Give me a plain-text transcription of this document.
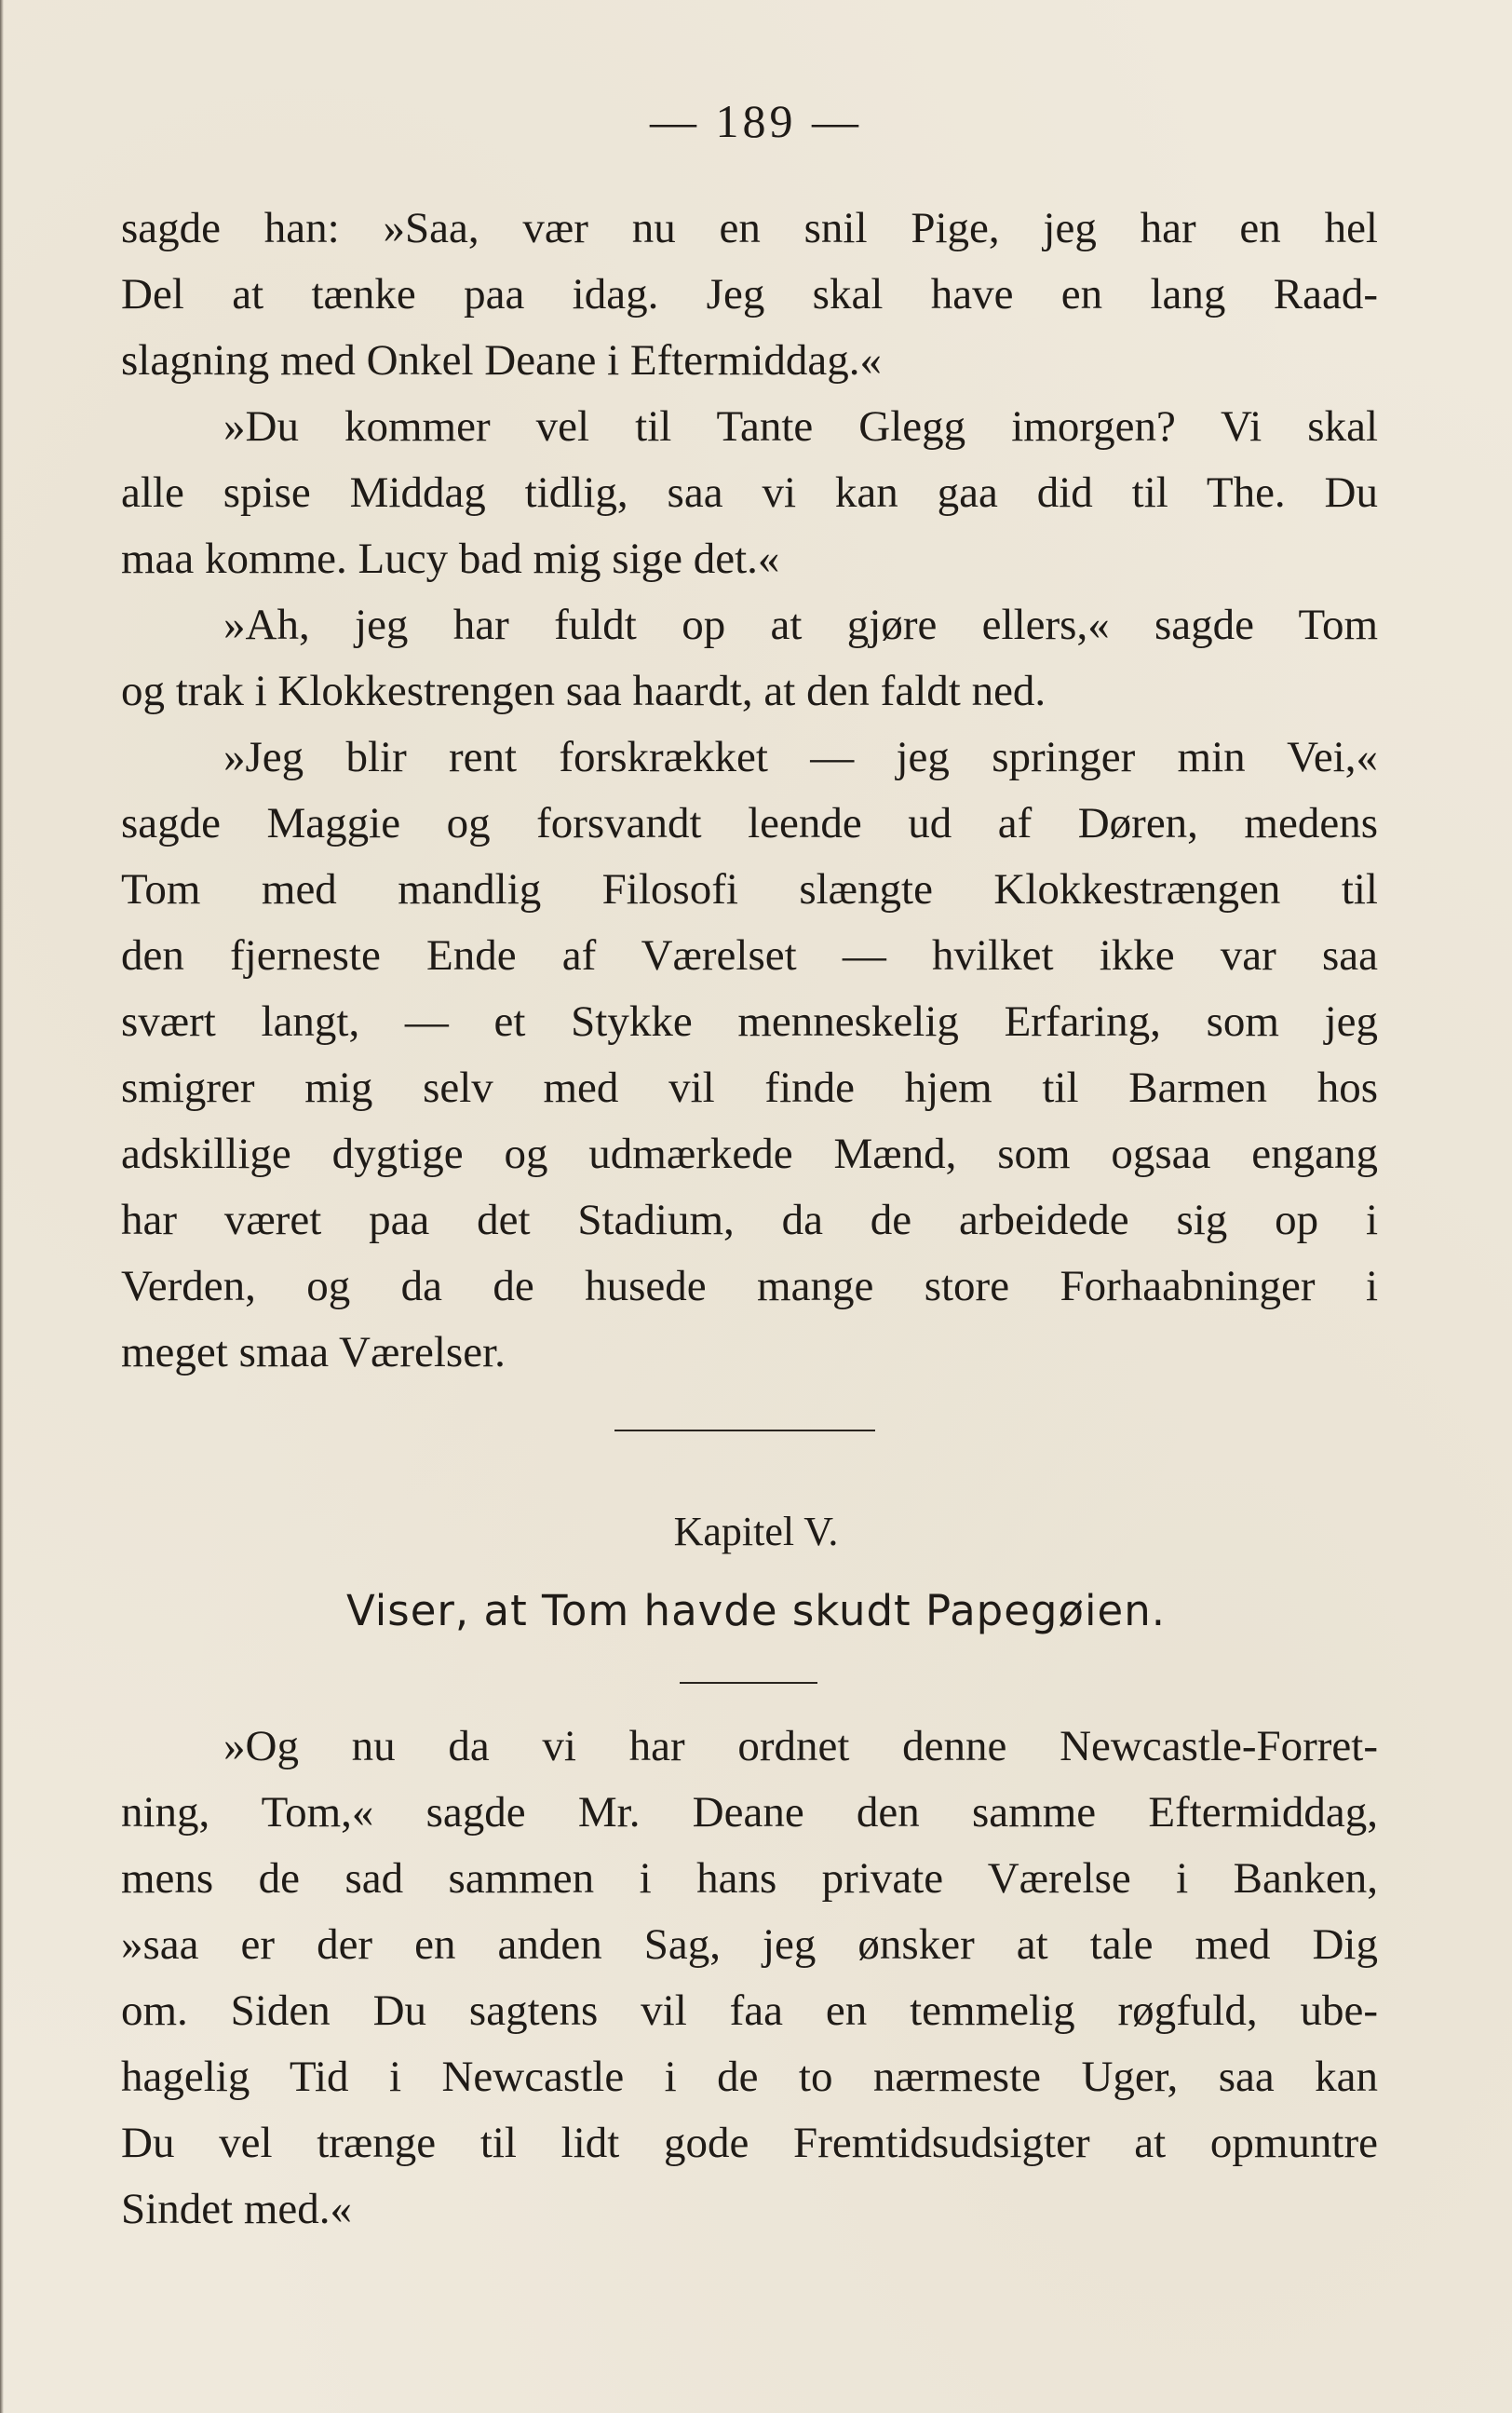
— 189 —
sagde han: »Saa, vær nu en snil Pige, jeg har en hel
Del at tænke paa idag. Jeg skal have en lang Raad-
slagning med Onkel Deane i Eftermiddag.«
»Du kommer vel til Tante Glegg imorgen? Vi skal
alle spise Middag tidlig, saa vi kan gaa did til The. Du
maa komme. Lucy bad mig sige det.«
»Ah, jeg har fuldt op at gjøre ellers,« sagde Tom
og trak i Klokkestrengen saa haardt, at den faldt ned.
»Jeg blir rent forskrækket — jeg springer min Vei,«
sagde Maggie og forsvandt leende ud af Døren, medens
Tom med mandlig Filosofi slængte Klokkestrængen til
den fjerneste Ende af Værelset — hvilket ikke var saa
svært langt, — et Stykke menneskelig Erfaring, som jeg
smigrer mig selv med vil finde hjem til Barmen hos
adskillige dygtige og udmærkede Mænd, som ogsaa engang
har været paa det Stadium, da de arbeidede sig op i
Verden, og da de husede mange store Forhaabninger i
meget smaa Værelser.
Kapitel V.
Viser, at Tom havde skudt Papegøien.
»Og nu da vi har ordnet denne Newcastle-Forret-
ning, Tom,« sagde Mr. Deane den samme Eftermiddag,
mens de sad sammen i hans private Værelse i Banken,
»saa er der en anden Sag, jeg ønsker at tale med Dig
om. Siden Du sagtens vil faa en temmelig røgfuld, ube-
hagelig Tid i Newcastle i de to nærmeste Uger, saa kan
Du vel trænge til lidt gode Fremtidsudsigter at opmuntre
Sindet med.«
